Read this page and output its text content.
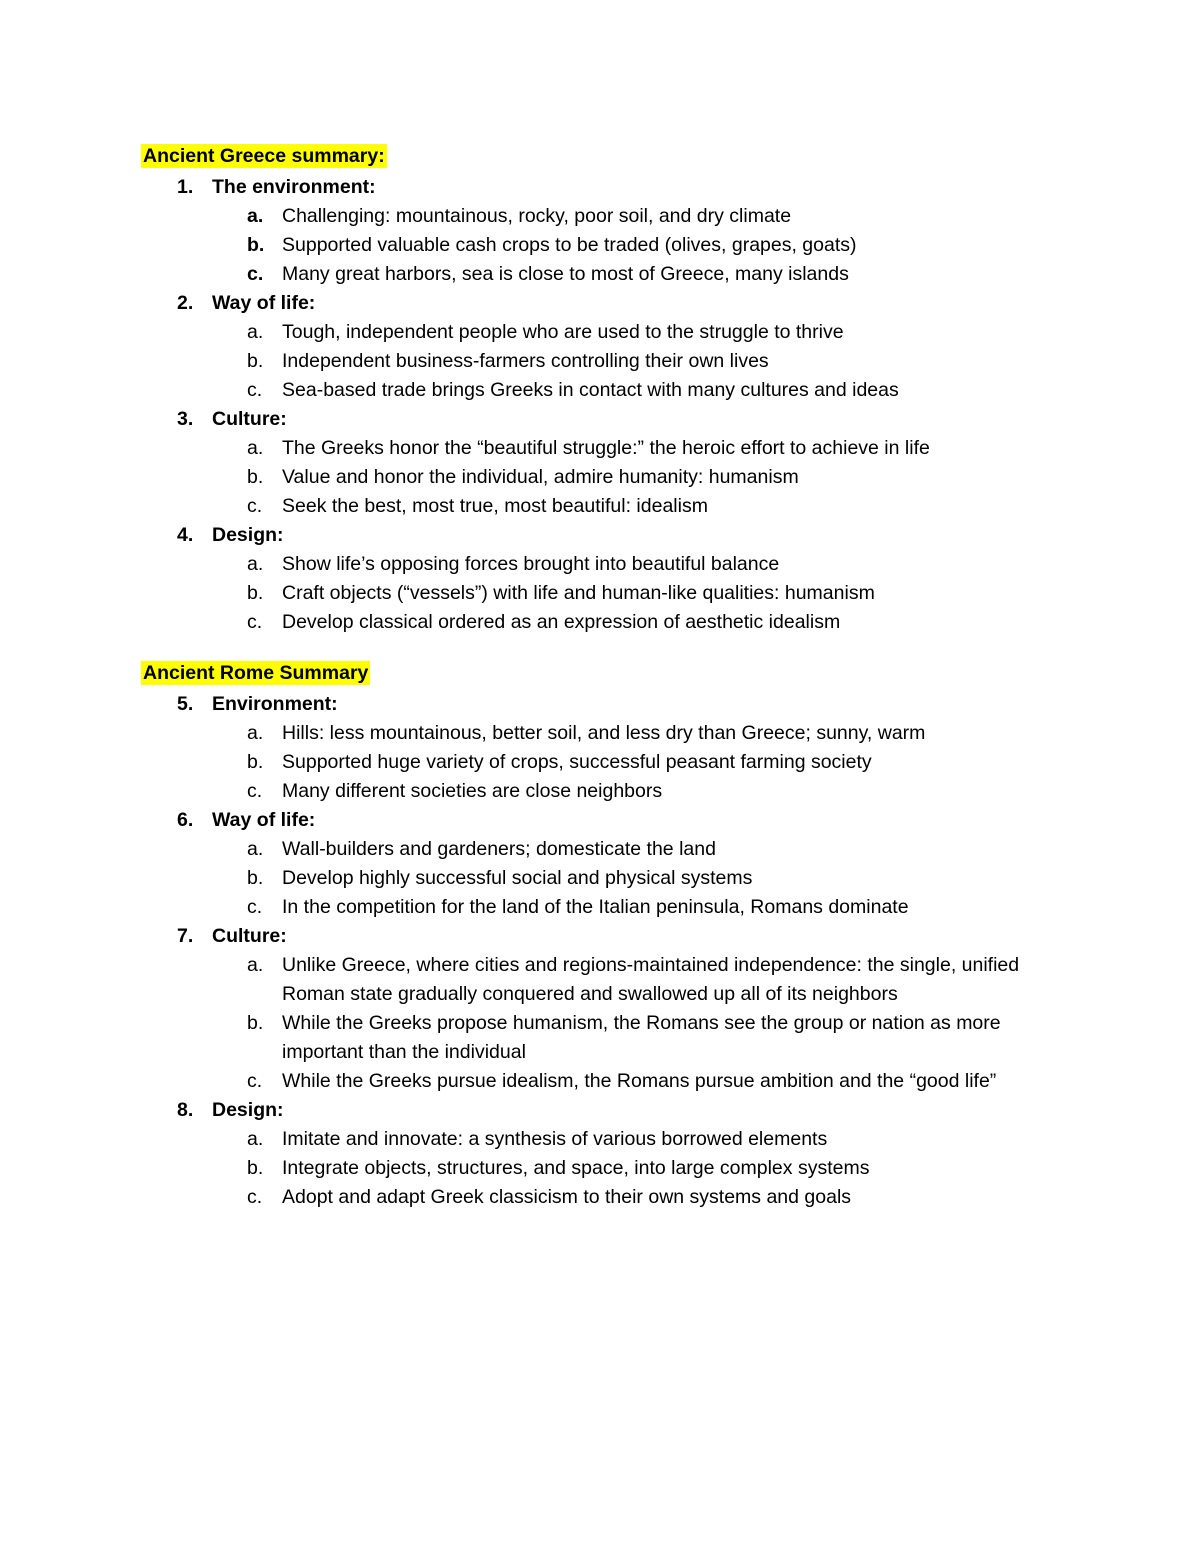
Ancient Greece summary:
1. The environment:
a. Challenging: mountainous, rocky, poor soil, and dry climate
b. Supported valuable cash crops to be traded (olives, grapes, goats)
c. Many great harbors, sea is close to most of Greece, many islands
2. Way of life:
a. Tough, independent people who are used to the struggle to thrive
b. Independent business-farmers controlling their own lives
c. Sea-based trade brings Greeks in contact with many cultures and ideas
3. Culture:
a. The Greeks honor the “beautiful struggle:” the heroic effort to achieve in life
b. Value and honor the individual, admire humanity: humanism
c. Seek the best, most true, most beautiful: idealism
4. Design:
a. Show life’s opposing forces brought into beautiful balance
b. Craft objects (“vessels”) with life and human-like qualities: humanism
c. Develop classical ordered as an expression of aesthetic idealism
Ancient Rome Summary
5. Environment:
a. Hills: less mountainous, better soil, and less dry than Greece; sunny, warm
b. Supported huge variety of crops, successful peasant farming society
c. Many different societies are close neighbors
6. Way of life:
a. Wall-builders and gardeners; domesticate the land
b. Develop highly successful social and physical systems
c. In the competition for the land of the Italian peninsula, Romans dominate
7. Culture:
a. Unlike Greece, where cities and regions-maintained independence: the single, unified Roman state gradually conquered and swallowed up all of its neighbors
b. While the Greeks propose humanism, the Romans see the group or nation as more important than the individual
c. While the Greeks pursue idealism, the Romans pursue ambition and the “good life”
8. Design:
a. Imitate and innovate: a synthesis of various borrowed elements
b. Integrate objects, structures, and space, into large complex systems
c. Adopt and adapt Greek classicism to their own systems and goals
